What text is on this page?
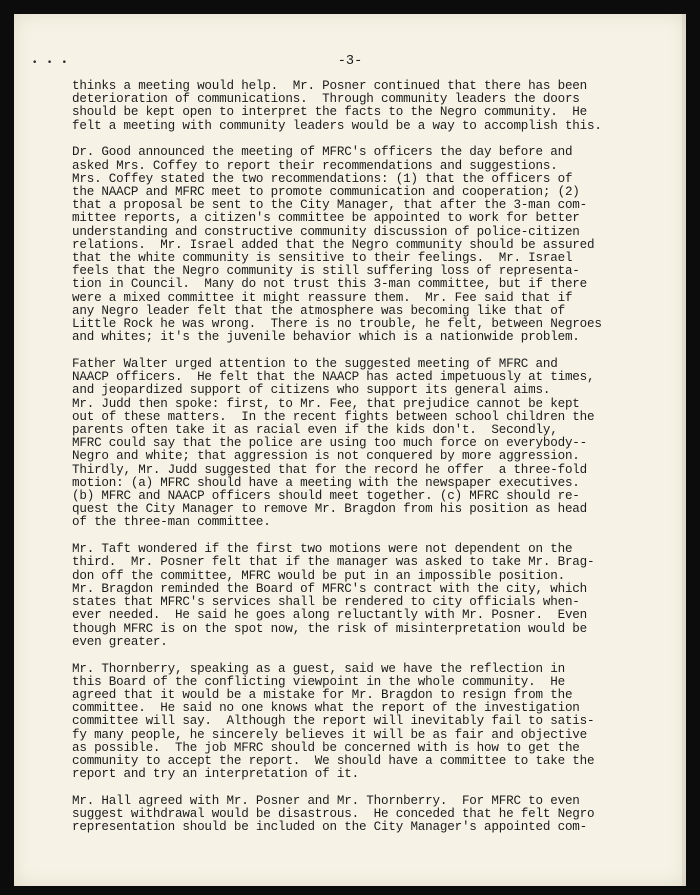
• • •	-3-
thinks a meeting would help.  Mr. Posner continued that there has been
deterioration of communications.  Through community leaders the doors
should be kept open to interpret the facts to the Negro community.  He
felt a meeting with community leaders would be a way to accomplish this.
Dr. Good announced the meeting of MFRC's officers the day before and
asked Mrs. Coffey to report their recommendations and suggestions.
Mrs. Coffey stated the two recommendations: (1) that the officers of
the NAACP and MFRC meet to promote communication and cooperation; (2)
that a proposal be sent to the City Manager, that after the 3-man com-
mittee reports, a citizen's committee be appointed to work for better
understanding and constructive community discussion of police-citizen
relations.  Mr. Israel added that the Negro community should be assured
that the white community is sensitive to their feelings.  Mr. Israel
feels that the Negro community is still suffering loss of representa-
tion in Council.  Many do not trust this 3-man committee, but if there
were a mixed committee it might reassure them.  Mr. Fee said that if
any Negro leader felt that the atmosphere was becoming like that of
Little Rock he was wrong.  There is no trouble, he felt, between Negroes
and whites; it's the juvenile behavior which is a nationwide problem.
Father Walter urged attention to the suggested meeting of MFRC and
NAACP officers.  He felt that the NAACP has acted impetuously at times,
and jeopardized support of citizens who support its general aims.
Mr. Judd then spoke: first, to Mr. Fee, that prejudice cannot be kept
out of these matters.  In the recent fights between school children the
parents often take it as racial even if the kids don't.  Secondly,
MFRC could say that the police are using too much force on everybody--
Negro and white; that aggression is not conquered by more aggression.
Thirdly, Mr. Judd suggested that for the record he offer  a three-fold
motion: (a) MFRC should have a meeting with the newspaper executives.
(b) MFRC and NAACP officers should meet together. (c) MFRC should re-
quest the City Manager to remove Mr. Bragdon from his position as head
of the three-man committee.
Mr. Taft wondered if the first two motions were not dependent on the
third.  Mr. Posner felt that if the manager was asked to take Mr. Brag-
don off the committee, MFRC would be put in an impossible position.
Mr. Bragdon reminded the Board of MFRC's contract with the city, which
states that MFRC's services shall be rendered to city officials when-
ever needed.  He said he goes along reluctantly with Mr. Posner.  Even
though MFRC is on the spot now, the risk of misinterpretation would be
even greater.
Mr. Thornberry, speaking as a guest, said we have the reflection in
this Board of the conflicting viewpoint in the whole community.  He
agreed that it would be a mistake for Mr. Bragdon to resign from the
committee.  He said no one knows what the report of the investigation
committee will say.  Although the report will inevitably fail to satis-
fy many people, he sincerely believes it will be as fair and objective
as possible.  The job MFRC should be concerned with is how to get the
community to accept the report.  We should have a committee to take the
report and try an interpretation of it.
Mr. Hall agreed with Mr. Posner and Mr. Thornberry.  For MFRC to even
suggest withdrawal would be disastrous.  He conceded that he felt Negro
representation should be included on the City Manager's appointed com-
